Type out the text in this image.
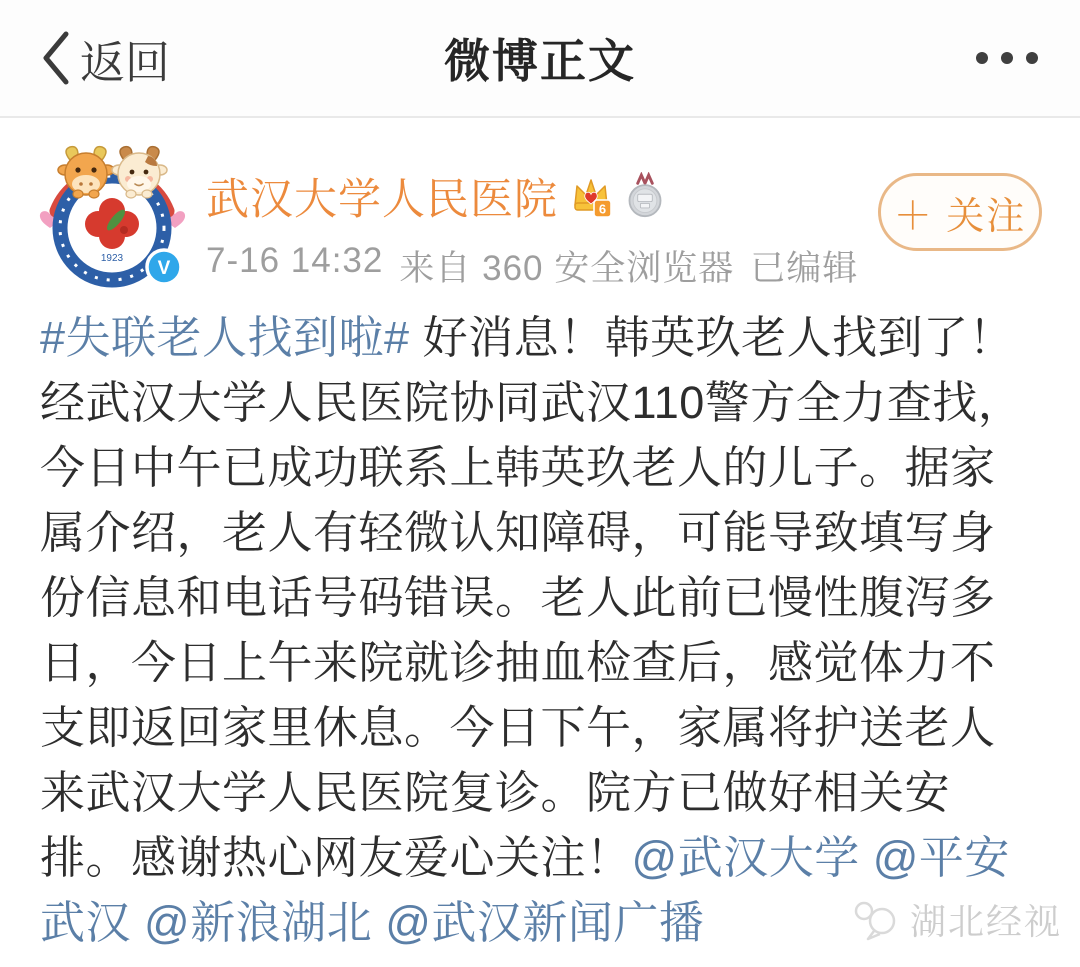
返回	微博正文
1923 V
武汉大学人民医院	6
7-16 14:32 来自 360 安全浏览器 已编辑
＋ 关注
#失联老人找到啦# 好消息！韩英玖老人找到了！经武汉大学人民医院协同武汉110警方全力查找，今日中午已成功联系上韩英玖老人的儿子。据家属介绍，老人有轻微认知障碍，可能导致填写身份信息和电话号码错误。老人此前已慢性腹泻多日，今日上午来院就诊抽血检查后，感觉体力不支即返回家里休息。今日下午，家属将护送老人来武汉大学人民医院复诊。院方已做好相关安排。感谢热心网友爱心关注！@武汉大学 @平安武汉 @新浪湖北 @武汉新闻广播	湖北经视
